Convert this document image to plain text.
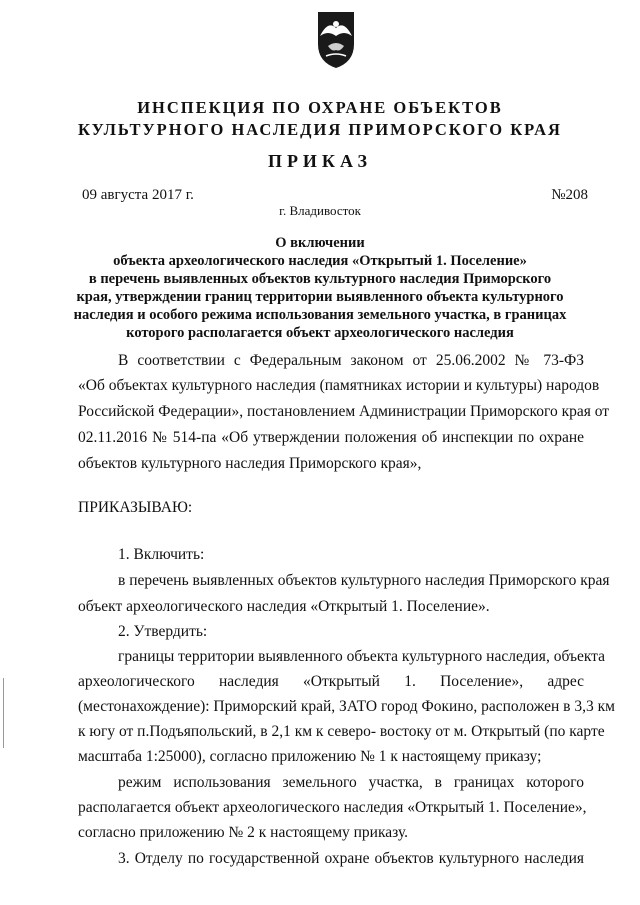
ИНСПЕКЦИЯ ПО ОХРАНЕ ОБЪЕКТОВ
КУЛЬТУРНОГО НАСЛЕДИЯ ПРИМОРСКОГО КРАЯ
ПРИКАЗ
09 августа 2017 г.	№208
г. Владивосток
О включении
объекта археологического наследия «Открытый 1. Поселение»
в перечень выявленных объектов культурного наследия Приморского
края, утверждении границ территории выявленного объекта культурного
наследия и особого режима использования земельного участка, в границах
которого располагается объект археологического наследия
В соответствии с Федеральным законом от 25.06.2002 № 73-ФЗ
«Об объектах культурного наследия (памятниках истории и культуры) народов
Российской Федерации», постановлением Администрации Приморского края от
02.11.2016 № 514-па «Об утверждении положения об инспекции по охране
объектов культурного наследия Приморского края»,
ПРИКАЗЫВАЮ:
1. Включить:
в перечень выявленных объектов культурного наследия Приморского края
объект археологического наследия «Открытый 1. Поселение».
2. Утвердить:
границы территории выявленного объекта культурного наследия, объекта
археологического наследия «Открытый 1. Поселение», адрес
(местонахождение): Приморский край, ЗАТО город Фокино, расположен в 3,3 км
к югу от п.Подъяпольский, в 2,1 км к северо- востоку от м. Открытый (по карте
масштаба 1:25000), согласно приложению № 1 к настоящему приказу;
режим использования земельного участка, в границах которого
располагается объект археологического наследия «Открытый 1. Поселение»,
согласно приложению № 2 к настоящему приказу.
3. Отделу по государственной охране объектов культурного наследия
